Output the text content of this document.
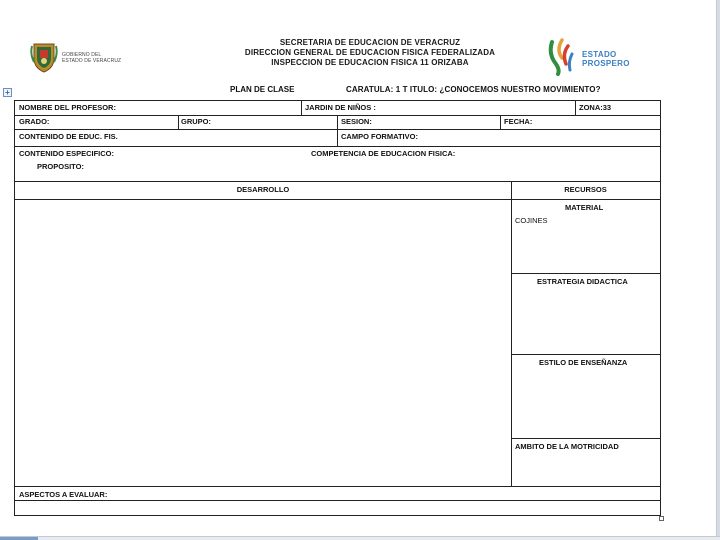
GOBIERNO DEL
ESTADO DE VERACRUZ
SECRETARIA DE EDUCACION DE VERACRUZ
DIRECCION GENERAL DE EDUCACION FISICA FEDERALIZADA
INSPECCION DE EDUCACION FISICA 11 ORIZABA
ESTADO
PROSPERO
PLAN DE CLASE	CARATULA: 1 T ITULO: ¿CONOCEMOS NUESTRO MOVIMIENTO?
+
NOMBRE DEL PROFESOR:	JARDIN DE NIÑOS :	ZONA:33
GRADO:	GRUPO:	SESION:	FECHA:
CONTENIDO DE EDUC. FIS.	CAMPO FORMATIVO:
CONTENIDO ESPECIFICO:	COMPETENCIA DE EDUCACION FISICA:
PROPOSITO:
DESARROLLO	RECURSOS
MATERIAL
COJINES
ESTRATEGIA DIDACTICA
ESTILO DE ENSEÑANZA
AMBITO DE LA MOTRICIDAD
ASPECTOS A EVALUAR:
